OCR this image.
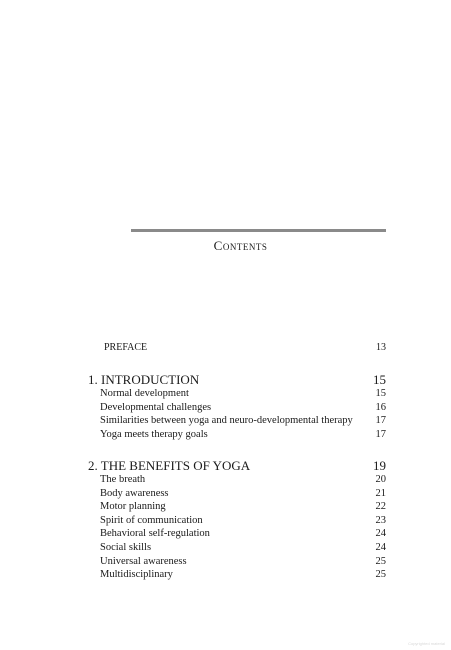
Contents
PREFACE	13
1. INTRODUCTION	15
Normal development	15
Developmental challenges	16
Similarities between yoga and neuro-developmental therapy 17
Yoga meets therapy goals	17
2. THE BENEFITS OF YOGA	19
The breath	20
Body awareness	21
Motor planning	22
Spirit of communication	23
Behavioral self-regulation	24
Social skills	24
Universal awareness	25
Multidisciplinary	25
Copyrighted material
